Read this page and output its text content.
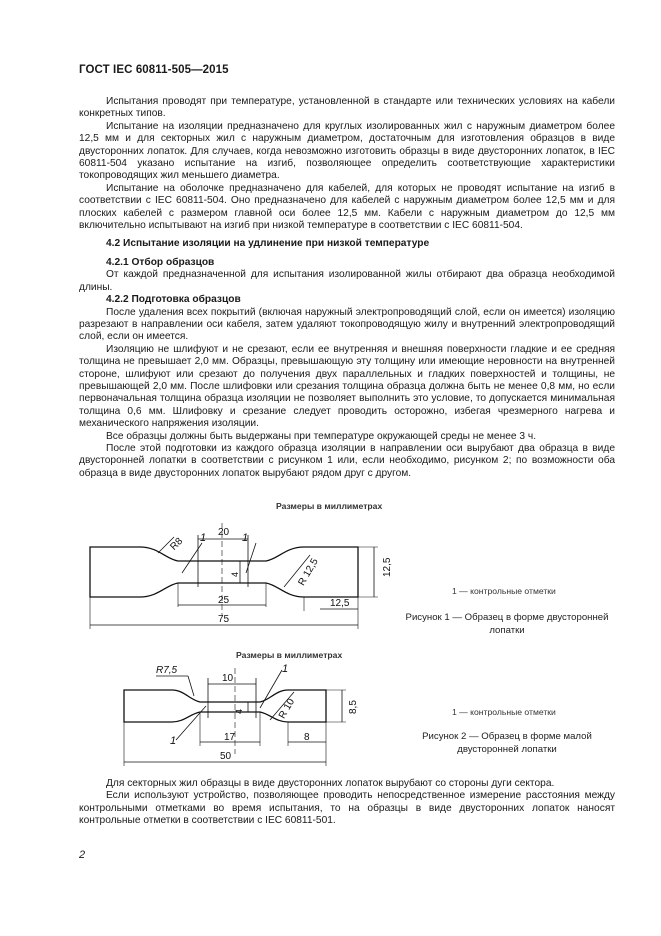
ГОСТ IEC 60811-505—2015

Испытания проводят при температуре, установленной в стандарте или технических условиях на кабели конкретных типов.

Испытание на изоляции предназначено для круглых изолированных жил с наружным диаметром более 12,5 мм и для секторных жил с наружным диаметром, достаточным для изготовления образцов в виде двусторонних лопаток. Для случаев, когда невозможно изготовить образцы в виде двусторонних лопаток, в IEC 60811-504 указано испытание на изгиб, позволяющее определить соответствующие характеристики токопроводящих жил меньшего диаметра.

Испытание на оболочке предназначено для кабелей, для которых не проводят испытание на изгиб в соответствии с IEC 60811-504. Оно предназначено для кабелей с наружным диаметром более 12,5 мм и для плоских кабелей с размером главной оси более 12,5 мм. Кабели с наружным диаметром до 12,5 мм включительно испытывают на изгиб при низкой температуре в соответствии с IEC 60811-504.

4.2 Испытание изоляции на удлинение при низкой температуре

4.2.1 Отбор образцов

От каждой предназначенной для испытания изолированной жилы отбирают два образца необходимой длины.

4.2.2 Подготовка образцов

После удаления всех покрытий (включая наружный электропроводящий слой, если он имеется) изоляцию разрезают в направлении оси кабеля, затем удаляют токопроводящую жилу и внутренний электропроводящий слой, если он имеется.

Изоляцию не шлифуют и не срезают, если ее внутренняя и внешняя поверхности гладкие и ее средняя толщина не превышает 2,0 мм. Образцы, превышающую эту толщину или имеющие неровности на внутренней стороне, шлифуют или срезают до получения двух параллельных и гладких поверхностей и толщины, не превышающей 2,0 мм. После шлифовки или срезания толщина образца должна быть не менее 0,8 мм, но если первоначальная толщина образца изоляции не позволяет выполнить это условие, то допускается минимальная толщина 0,6 мм. Шлифовку и срезание следует проводить осторожно, избегая чрезмерного нагрева и механического напряжения изоляции.

Все образцы должны быть выдержаны при температуре окружающей среды не менее 3 ч.

После этой подготовки из каждого образца изоляции в направлении оси вырубают два образца в виде двусторонней лопатки в соответствии с рисунком 1 или, если необходимо, рисунком 2; по возможности оба образца в виде двусторонних лопаток вырубают рядом друг с другом.

Размеры в миллиметрах
20
R8 1	1
4	R 12,5	12,5
25	12,5
75
1 — контрольные отметки
Рисунок 1 — Образец в форме двусторонней лопатки
Размеры в миллиметрах
10
R7,5	1
1
4	R 10	8,5
17	8
50
1 — контрольные отметки
Рисунок 2 — Образец в форме малой двусторонней лопатки

Для секторных жил образцы в виде двусторонних лопаток вырубают со стороны дуги сектора.

Если используют устройство, позволяющее проводить непосредственное измерение расстояния между контрольными отметками во время испытания, то на образцы в виде двусторонних лопаток наносят контрольные отметки в соответствии с IEC 60811-501.

2
